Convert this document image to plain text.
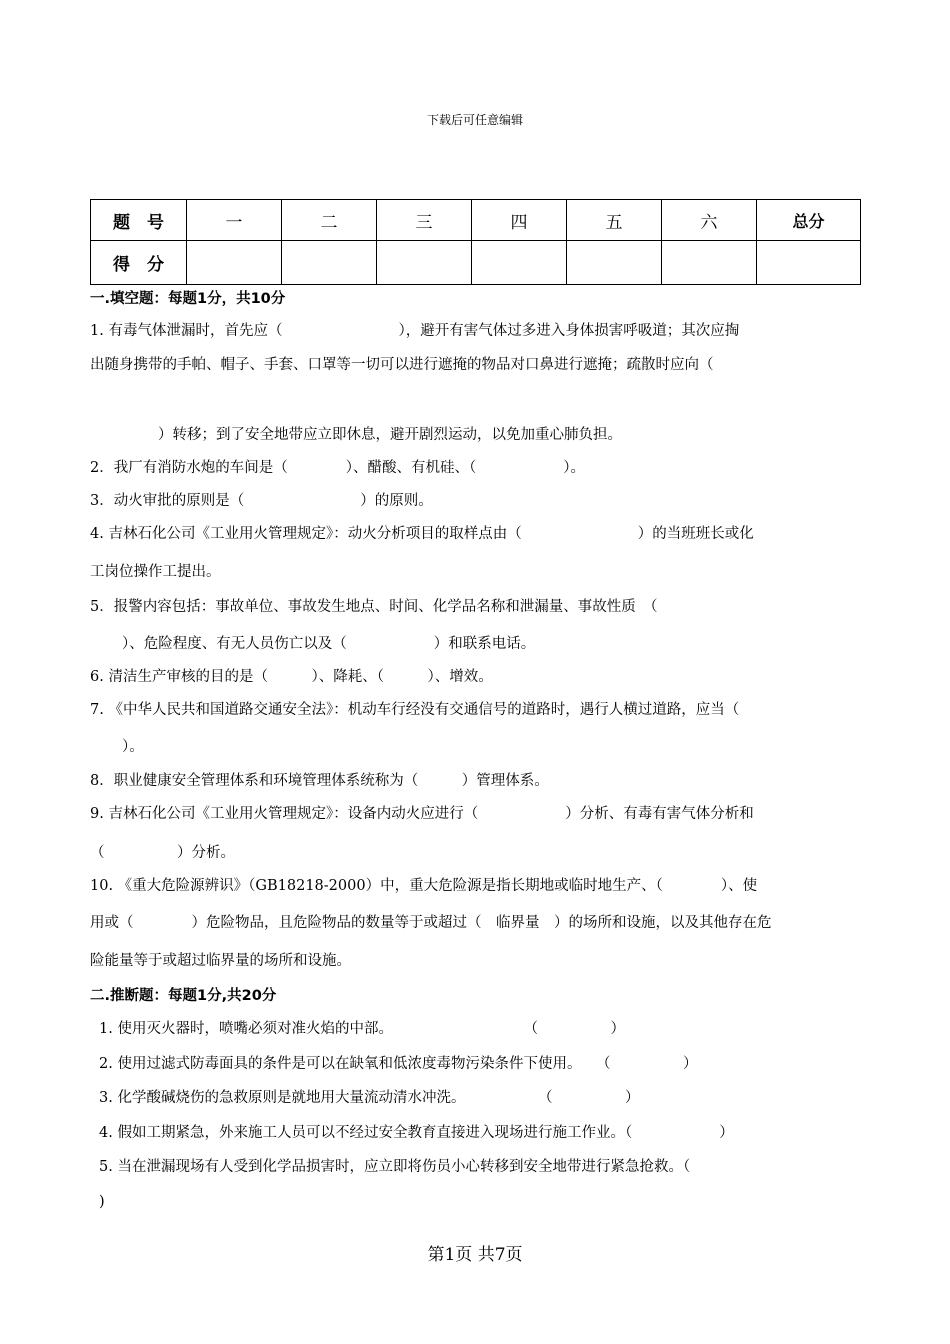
下载后可任意编辑
题　号	一	二	三	四	五	六	总分
得　分							

一.填空题：每题1分，共10分

1. 有毒气体泄漏时，首先应（　　　　　　　　），避开有害气体过多进入身体损害呼吸道；其次应掏

出随身携带的手帕、帽子、手套、口罩等一切可以进行遮掩的物品对口鼻进行遮掩；疏散时应向（

）转移；到了安全地带应立即休息，避开剧烈运动，以免加重心肺负担。

2．我厂有消防水炮的车间是（　　　　）、醋酸、有机硅、（　　　　　　）。

3．动火审批的原则是（　　　　　　　　）的原则。

4. 吉林石化公司《工业用火管理规定》：动火分析项目的取样点由（　　　　　　　　）的当班班长或化

工岗位操作工提出。

5．报警内容包括：事故单位、事故发生地点、时间、化学品名称和泄漏量、事故性质　（

）、危险程度、有无人员伤亡以及（　　　　　　）和联系电话。

6. 清洁生产审核的目的是（　　　）、降耗、（　　　）、增效。

7. 《中华人民共和国道路交通安全法》：机动车行经没有交通信号的道路时，遇行人横过道路，应当（

）。

8．职业健康安全管理体系和环境管理体系统称为（　　　）管理体系。

9. 吉林石化公司《工业用火管理规定》：设备内动火应进行（　　　　　　）分析、有毒有害气体分析和

（　　　　　）分析。

10. 《重大危险源辨识》（GB18218-2000）中，重大危险源是指长期地或临时地生产、（　　　　）、使

用或（　　　　）危险物品，且危险物品的数量等于或超过（　临界量　）的场所和设施，以及其他存在危

险能量等于或超过临界量的场所和设施。

二.推断题：每题1分,共20分

1. 使用灭火器时，喷嘴必须对准火焰的中部。　　　　　　　　　　（　　　　　）

2. 使用过滤式防毒面具的条件是可以在缺氧和低浓度毒物污染条件下使用。　　（　　　　　）

3. 化学酸碱烧伤的急救原则是就地用大量流动清水冲洗。　　　　　　（　　　　　）

4. 假如工期紧急，外来施工人员可以不经过安全教育直接进入现场进行施工作业。（　　　　　　）

5. 当在泄漏现场有人受到化学品损害时，应立即将伤员小心转移到安全地带进行紧急抢救。（

)

第1页 共7页
